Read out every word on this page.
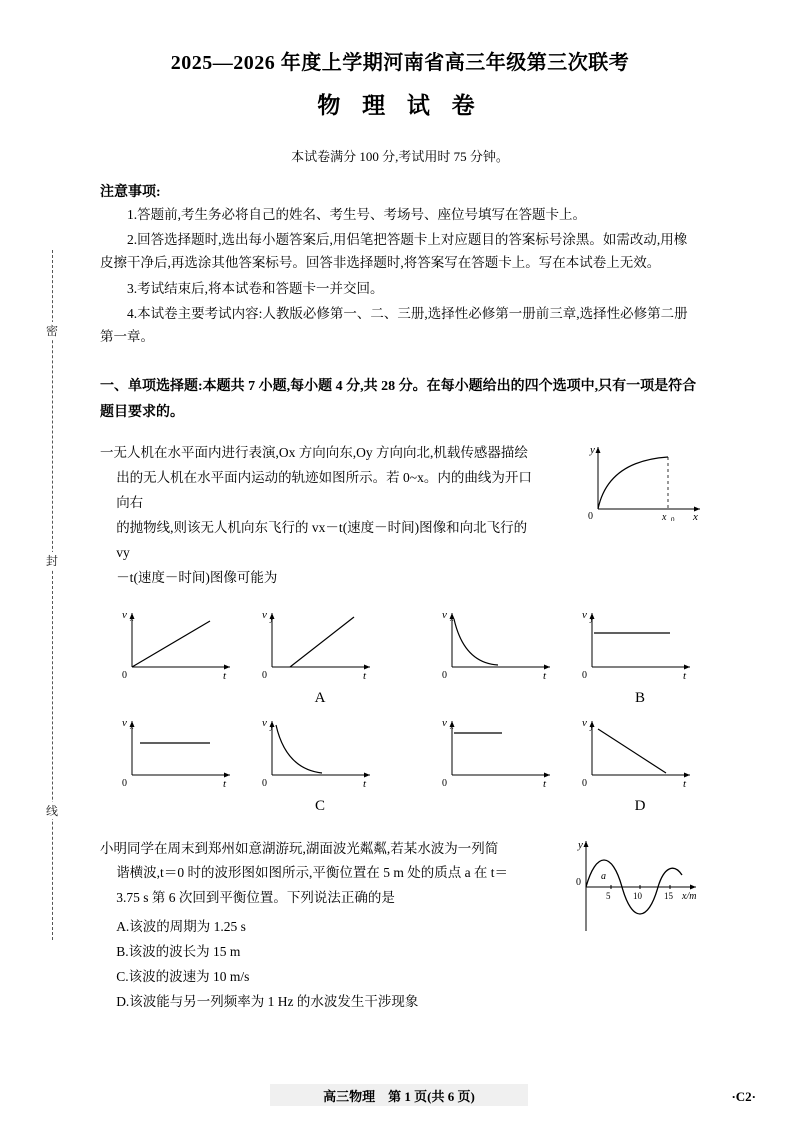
密
封
线
2025—2026 年度上学期河南省高三年级第三次联考
物 理 试 卷
本试卷满分 100 分,考试用时 75 分钟。
注意事项:
1.答题前,考生务必将自己的姓名、考生号、考场号、座位号填写在答题卡上。
2.回答选择题时,选出每小题答案后,用侣笔把答题卡上对应题目的答案标号涂黑。如需改动,用橡皮擦干净后,再选涂其他答案标号。回答非选择题时,将答案写在答题卡上。写在本试卷上无效。
3.考试结束后,将本试卷和答题卡一并交回。
4.本试卷主要考试内容:人教版必修第一、二、三册,选择性必修第一册前三章,选择性必修第二册第一章。
一、单项选择题:本题共 7 小题,每小题 4 分,共 28 分。在每小题给出的四个选项中,只有一项是符合题目要求的。

一无人机在水平面内进行表演,Ox 方向向东,Oy 方向向北,机载传感器描绘

出的无人机在水平面内运动的轨迹如图所示。若 0~x。内的曲线为开口向右

的抛物线,则该无人机向东飞行的 vx－t(速度－时间)图像和向北飞行的 vy

－t(速度－时间)图像可能为

y
x
0	x 0
v x
t
0
v y
t
0
A
v x
t
0
v y
t
0
B
v x
t
0
v y
t
0
C
v x
t
0
v y
t
0
D

小明同学在周末到郑州如意湖游玩,湖面波光粼粼,若某水波为一列简

谐横波,t＝0 时的波形图如图所示,平衡位置在 5 m 处的质点 a 在 t＝

3.75 s 第 6 次回到平衡位置。下列说法正确的是

y
0
5	10 15 x/m
a
A.该波的周期为 1.25 s
B.该波的波长为 15 m
C.该波的波速为 10 m/s
D.该波能与另一列频率为 1 Hz 的水波发生干涉现象
高三物理　第 1 页(共 6 页)	·C2·
